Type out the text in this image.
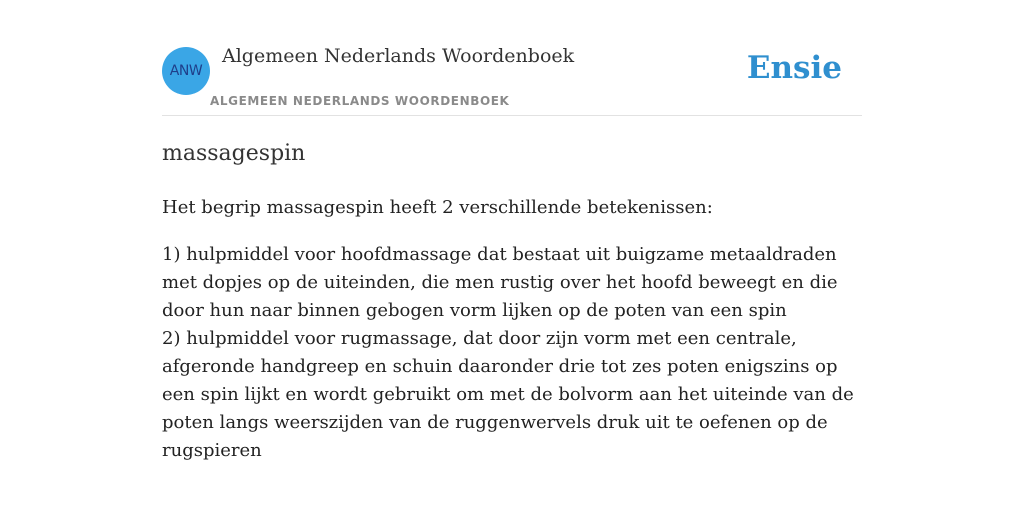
ANW
Algemeen Nederlands Woordenboek
ALGEMEEN NEDERLANDS WOORDENBOEK
Ensie
massagespin

Het begrip massagespin heeft 2 verschillende betekenissen:

1) hulpmiddel voor hoofdmassage dat bestaat uit buigzame metaaldraden met dopjes op de uiteinden, die men rustig over het hoofd beweegt en die door hun naar binnen gebogen vorm lijken op de poten van een spin

2) hulpmiddel voor rugmassage, dat door zijn vorm met een centrale, afgeronde handgreep en schuin daaronder drie tot zes poten enigszins op een spin lijkt en wordt gebruikt om met de bolvorm aan het uiteinde van de poten langs weerszijden van de ruggenwervels druk uit te oefenen op de rugspieren
